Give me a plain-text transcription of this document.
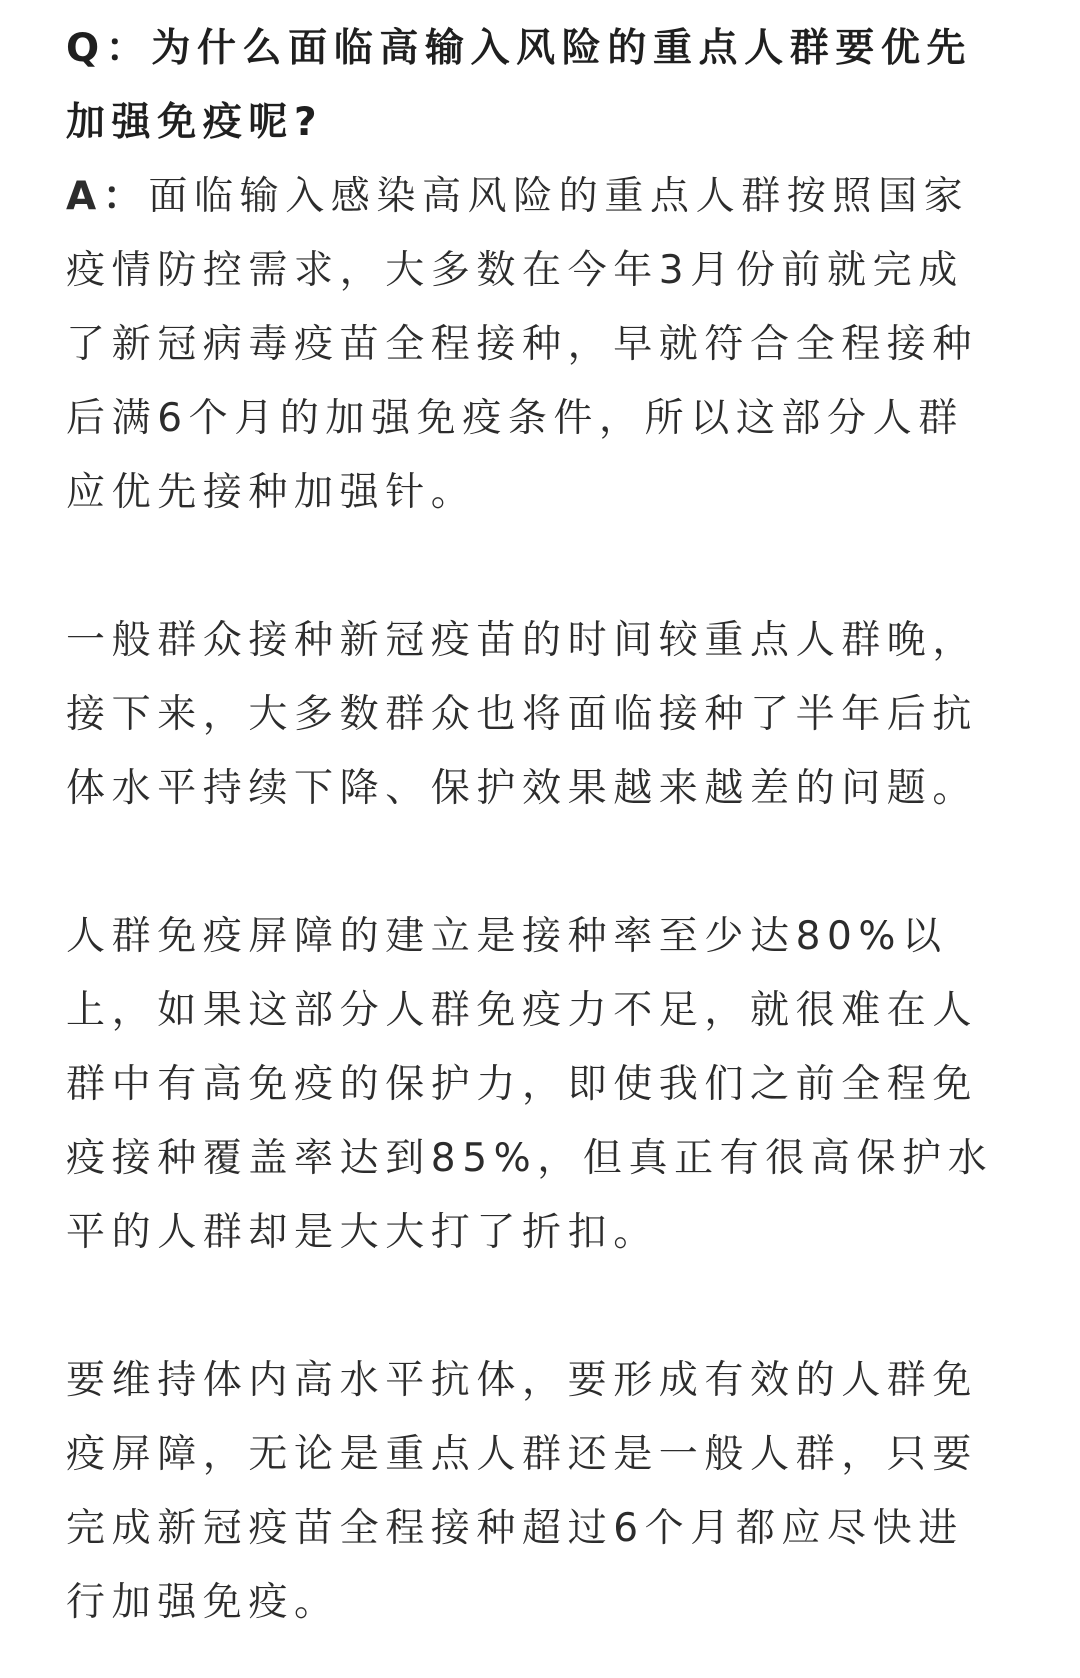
Q：为什么面临高输入风险的重点人群要优先加强免疫呢?

A：面临输入感染高风险的重点人群按照国家疫情防控需求，大多数在今年3月份前就完成了新冠病毒疫苗全程接种，早就符合全程接种后满6个月的加强免疫条件，所以这部分人群应优先接种加强针。

一般群众接种新冠疫苗的时间较重点人群晚，接下来，大多数群众也将面临接种了半年后抗体水平持续下降、保护效果越来越差的问题。

人群免疫屏障的建立是接种率至少达80%以上，如果这部分人群免疫力不足，就很难在人群中有高免疫的保护力，即使我们之前全程免疫接种覆盖率达到85%，但真正有很高保护水平的人群却是大大打了折扣。

要维持体内高水平抗体，要形成有效的人群免疫屏障，无论是重点人群还是一般人群，只要完成新冠疫苗全程接种超过6个月都应尽快进行加强免疫。
